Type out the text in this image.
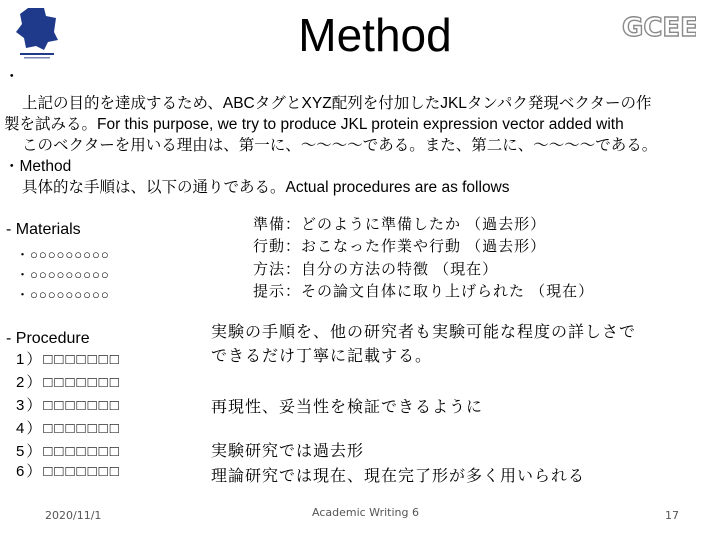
GCEE
Method
・
上記の目的を達成するため、ABCタグとXYZ配列を付加したJKLタンパク発現ベクターの作
製を試みる。For this purpose, we try to produce JKL protein expression vector added with
このベクターを用いる理由は、第一に、～～～～である。また、第二に、～～～～である。
・Method
具体的な手順は、以下の通りである。Actual procedures are as follows
- Materials
・○○○○○○○○○
・○○○○○○○○○
・○○○○○○○○○
準備：どのように準備したか （過去形）
行動：おこなった作業や行動 （過去形）
方法：自分の方法の特徴 （現在）
提示：その論文自体に取り上げられた （現在）
- Procedure
1）□□□□□□□
2）□□□□□□□
3）□□□□□□□
4）□□□□□□□
5）□□□□□□□
6）□□□□□□□
実験の手順を、他の研究者も実験可能な程度の詳しさで
できるだけ丁寧に記載する。
再現性、妥当性を検証できるように
実験研究では過去形
理論研究では現在、現在完了形が多く用いられる
2020/11/1	Academic Writing 6	17
